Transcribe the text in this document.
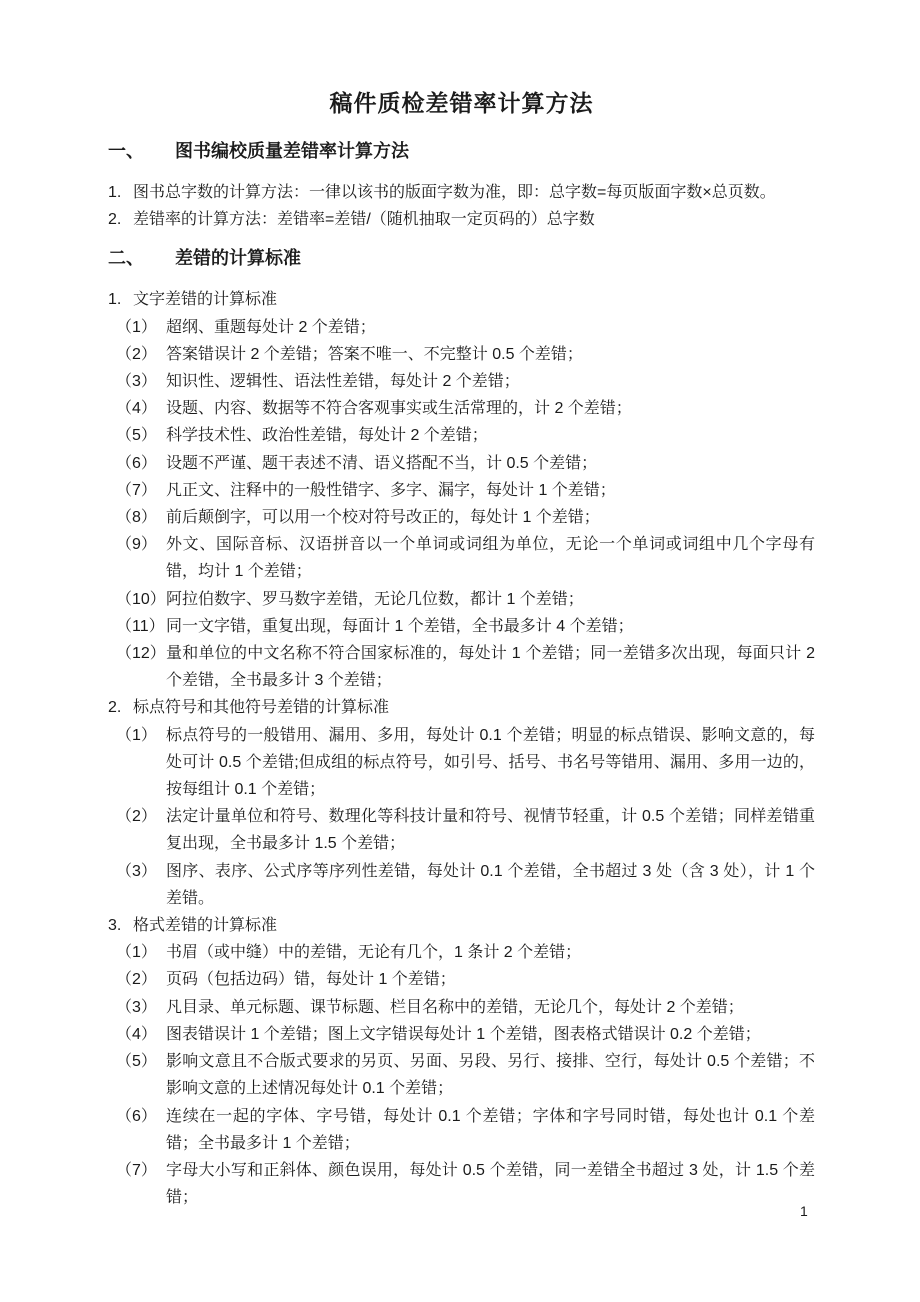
稿件质检差错率计算方法
一、	图书编校质量差错率计算方法
1. 图书总字数的计算方法：一律以该书的版面字数为准，即：总字数=每页版面字数×总页数。
2. 差错率的计算方法：差错率=差错/（随机抽取一定页码的）总字数
二、	差错的计算标准
1. 文字差错的计算标准
（1） 超纲、重题每处计 2 个差错；
（2） 答案错误计 2 个差错；答案不唯一、不完整计 0.5 个差错；
（3） 知识性、逻辑性、语法性差错，每处计 2 个差错；
（4） 设题、内容、数据等不符合客观事实或生活常理的，计 2 个差错；
（5） 科学技术性、政治性差错，每处计 2 个差错；
（6） 设题不严谨、题干表述不清、语义搭配不当，计 0.5 个差错；
（7） 凡正文、注释中的一般性错字、多字、漏字，每处计 1 个差错；
（8） 前后颠倒字，可以用一个校对符号改正的，每处计 1 个差错；
（9） 外文、国际音标、汉语拼音以一个单词或词组为单位，无论一个单词或词组中几个字母有错，均计 1 个差错；
（10） 阿拉伯数字、罗马数字差错，无论几位数，都计 1 个差错；
（11） 同一文字错，重复出现，每面计 1 个差错，全书最多计 4 个差错；
（12） 量和单位的中文名称不符合国家标准的，每处计 1 个差错；同一差错多次出现，每面只计 2 个差错，全书最多计 3 个差错；
2. 标点符号和其他符号差错的计算标准
（1） 标点符号的一般错用、漏用、多用，每处计 0.1 个差错；明显的标点错误、影响文意的，每处可计 0.5 个差错;但成组的标点符号，如引号、括号、书名号等错用、漏用、多用一边的，按每组计 0.1 个差错；
（2） 法定计量单位和符号、数理化等科技计量和符号、视情节轻重，计 0.5 个差错；同样差错重复出现，全书最多计 1.5 个差错；
（3） 图序、表序、公式序等序列性差错，每处计 0.1 个差错，全书超过 3 处（含 3 处），计 1 个差错。
3. 格式差错的计算标准
（1） 书眉（或中缝）中的差错，无论有几个，1 条计 2 个差错；
（2） 页码（包括边码）错，每处计 1 个差错；
（3） 凡目录、单元标题、课节标题、栏目名称中的差错，无论几个，每处计 2 个差错；
（4） 图表错误计 1 个差错；图上文字错误每处计 1 个差错，图表格式错误计 0.2 个差错；
（5） 影响文意且不合版式要求的另页、另面、另段、另行、接排、空行，每处计 0.5 个差错；不影响文意的上述情况每处计 0.1 个差错；
（6） 连续在一起的字体、字号错，每处计 0.1 个差错；字体和字号同时错，每处也计 0.1 个差错；全书最多计 1 个差错；
（7） 字母大小写和正斜体、颜色误用，每处计 0.5 个差错，同一差错全书超过 3 处，计 1.5 个差错；
1
